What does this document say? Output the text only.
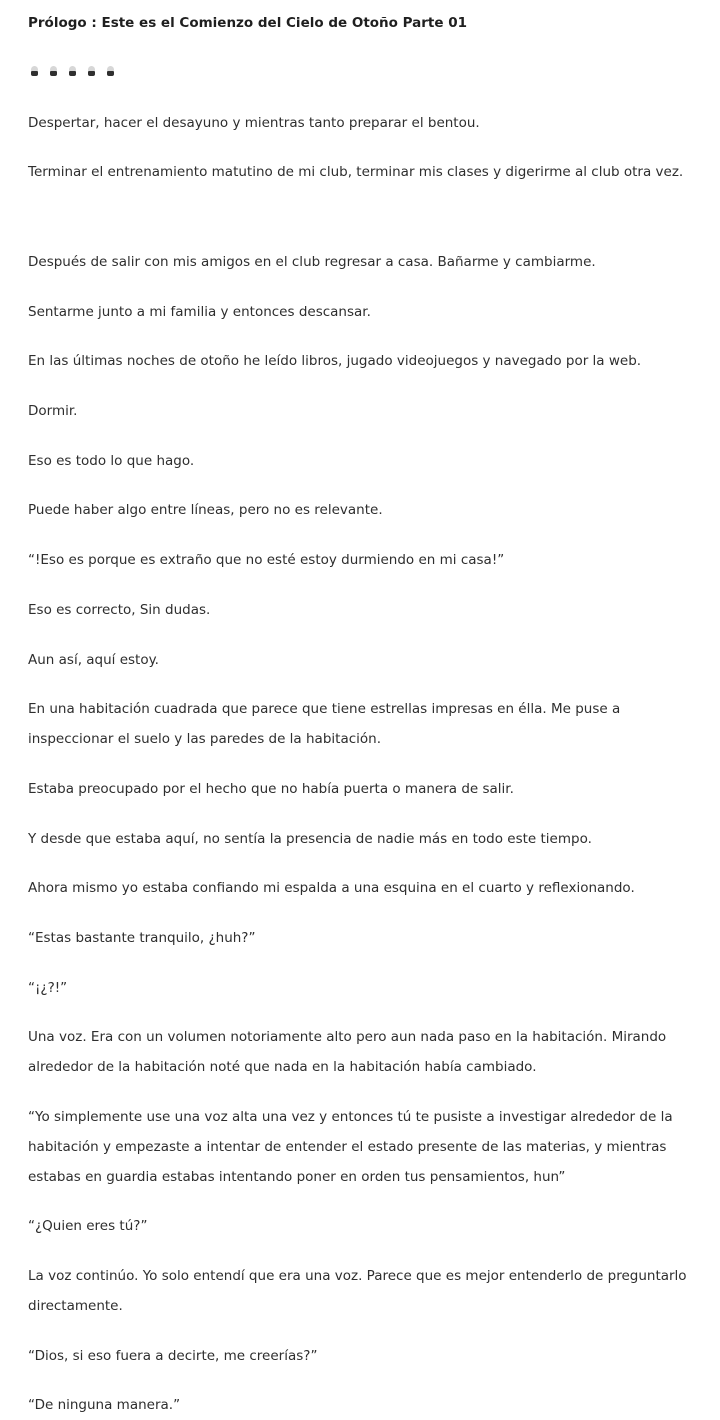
Prólogo : Este es el Comienzo del Cielo de Otoño Parte 01

Despertar, hacer el desayuno y mientras tanto preparar el bentou.

Terminar el entrenamiento matutino de mi club, terminar mis clases y digerirme al club otra vez.

Después de salir con mis amigos en el club regresar a casa. Bañarme y cambiarme.

Sentarme junto a mi familia y entonces descansar.

En las últimas noches de otoño he leído libros, jugado videojuegos y navegado por la web.

Dormir.

Eso es todo lo que hago.

Puede haber algo entre líneas, pero no es relevante.

“!Eso es porque es extraño que no esté estoy durmiendo en mi casa!”

Eso es correcto, Sin dudas.

Aun así, aquí estoy.

En una habitación cuadrada que parece que tiene estrellas impresas en élla. Me puse a inspeccionar el suelo y las paredes de la habitación.

Estaba preocupado por el hecho que no había puerta o manera de salir.

Y desde que estaba aquí, no sentía la presencia de nadie más en todo este tiempo.

Ahora mismo yo estaba confiando mi espalda a una esquina en el cuarto y reflexionando.

“Estas bastante tranquilo, ¿huh?”

“¡¿?!”

Una voz. Era con un volumen notoriamente alto pero aun nada paso en la habitación. Mirando alrededor de la habitación noté que nada en la habitación había cambiado.

“Yo simplemente use una voz alta una vez y entonces tú te pusiste a investigar alrededor de la habitación y empezaste a intentar de entender el estado presente de las materias, y mientras estabas en guardia estabas intentando poner en orden tus pensamientos, hun”

“¿Quien eres tú?”

La voz continúo. Yo solo entendí que era una voz. Parece que es mejor entenderlo de preguntarlo directamente.

“Dios, si eso fuera a decirte, me creerías?”

“De ninguna manera.”
